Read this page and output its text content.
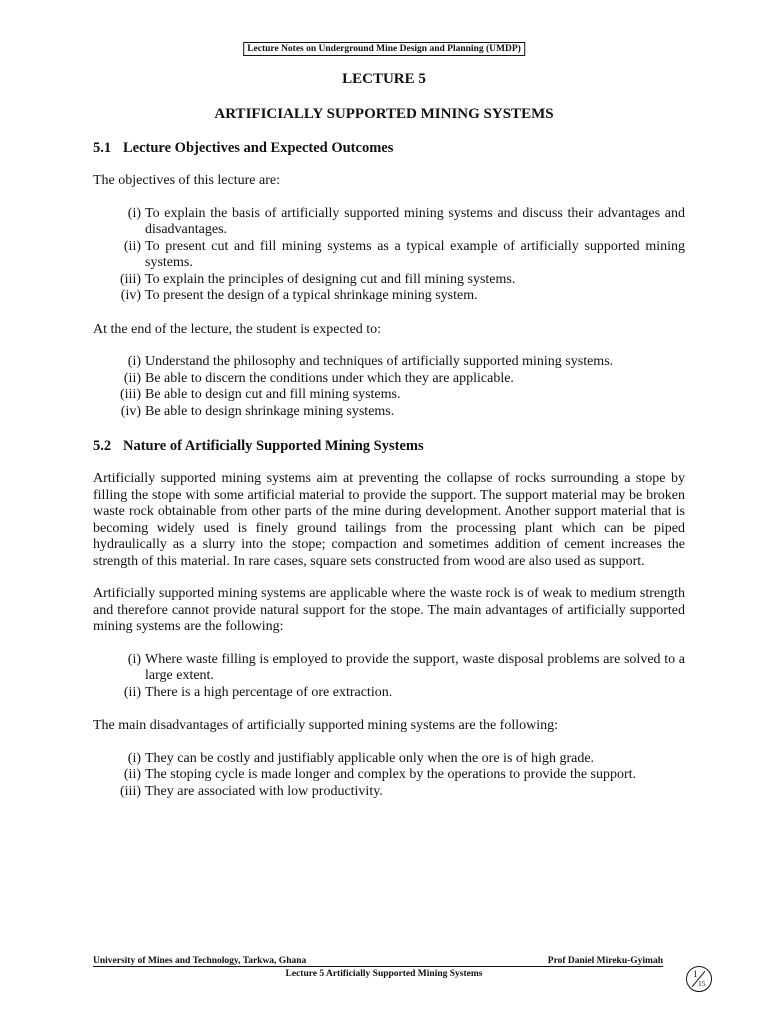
Lecture Notes on Underground Mine Design and Planning (UMDP)
LECTURE 5
ARTIFICIALLY SUPPORTED MINING SYSTEMS
5.1 Lecture Objectives and Expected Outcomes

The objectives of this lecture are:

(i) To explain the basis of artificially supported mining systems and discuss their advantages and disadvantages.
(ii) To present cut and fill mining systems as a typical example of artificially supported mining systems.
(iii) To explain the principles of designing cut and fill mining systems.
(iv) To present the design of a typical shrinkage mining system.

At the end of the lecture, the student is expected to:

(i) Understand the philosophy and techniques of artificially supported mining systems.
(ii) Be able to discern the conditions under which they are applicable.
(iii) Be able to design cut and fill mining systems.
(iv) Be able to design shrinkage mining systems.
5.2 Nature of Artificially Supported Mining Systems

Artificially supported mining systems aim at preventing the collapse of rocks surrounding a stope by filling the stope with some artificial material to provide the support. The support material may be broken waste rock obtainable from other parts of the mine during development. Another support material that is becoming widely used is finely ground tailings from the processing plant which can be piped hydraulically as a slurry into the stope; compaction and sometimes addition of cement increases the strength of this material. In rare cases, square sets constructed from wood are also used as support.

Artificially supported mining systems are applicable where the waste rock is of weak to medium strength and therefore cannot provide natural support for the stope. The main advantages of artificially supported mining systems are the following:

(i) Where waste filling is employed to provide the support, waste disposal problems are solved to a large extent.
(ii) There is a high percentage of ore extraction.

The main disadvantages of artificially supported mining systems are the following:

(i) They can be costly and justifiably applicable only when the ore is of high grade.
(ii) The stoping cycle is made longer and complex by the operations to provide the support.
(iii) They are associated with low productivity.
University of Mines and Technology, Tarkwa, Ghana	Prof Daniel Mireku-Gyimah
Lecture 5 Artificially Supported Mining Systems	1
15
